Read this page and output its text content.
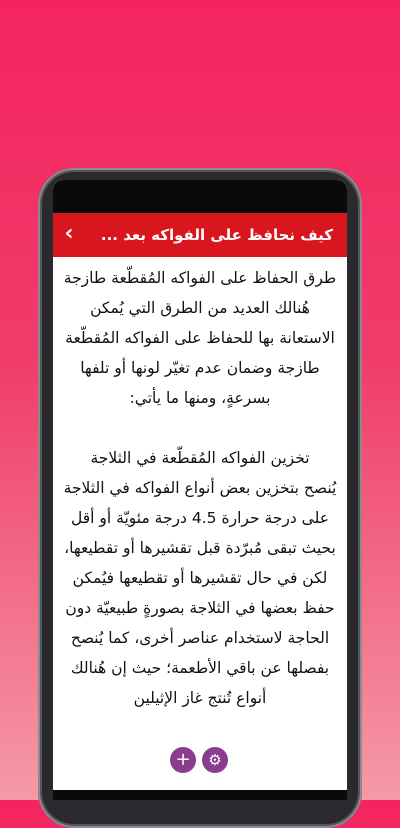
‹ كيف نحافظ على الفواكه بعد ...

طرق الحفاظ على الفواكه المُقطّعة طازجة

هُنالك العديد من الطرق التي يُمكن الاستعانة بها للحفاظ على الفواكه المُقطّعة طازجة وضمان عدم تغيّر لونها أو تلفها بسرعةٍ، ومنها ما يأتي:

تخزين الفواكه المُقطّعة في الثلاجة

يُنصح بتخزين بعض أنواع الفواكه في الثلاجة على درجة حرارة 4.5 درجة مئويّة أو أقل بحيث تبقى مُبرّدة قبل تقشيرها أو تقطيعها، لكن في حال تقشيرها أو تقطيعها فيُمكن حفظ بعضها في الثلاجة بصورةٍ طبيعيّة دون الحاجة لاستخدام عناصر أخرى، كما يُنصح بفصلها عن باقي الأطعمة؛ حيث إن هُنالك أنواع تُنتج غاز الإثيلين

+	⚙
